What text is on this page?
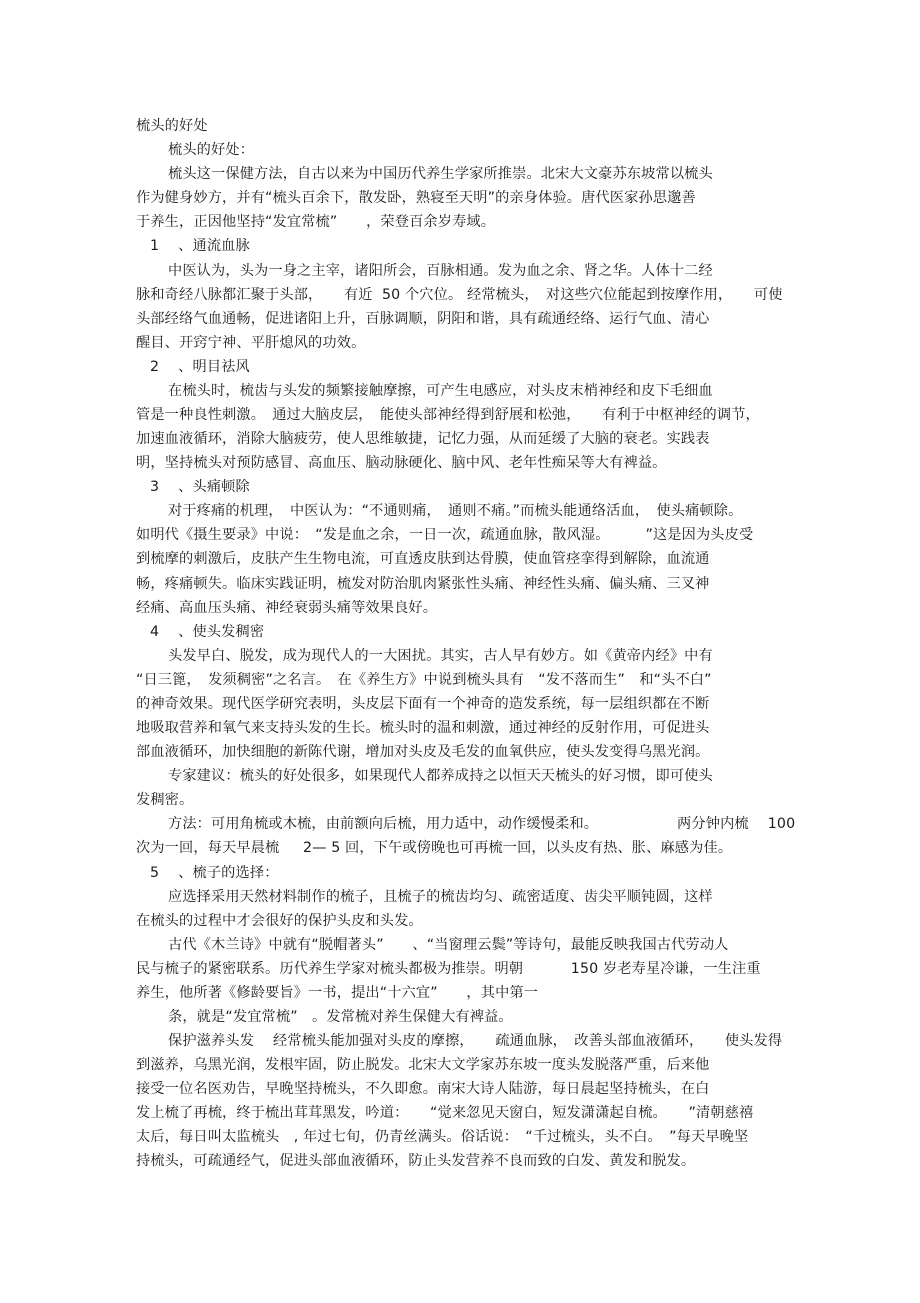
梳头的好处
梳头的好处：
梳头这一保健方法，自古以来为中国历代养生学家所推崇。北宋大文豪苏东坡常以梳头
作为健身妙方，并有“梳头百余下，散发卧，熟寝至天明”的亲身体验。唐代医家孙思邈善
于养生，正因他坚持“发宜常梳”　　，荣登百余岁寿域。
1　 、通流血脉
中医认为，头为一身之主宰，诸阳所会，百脉相通。发为血之余、肾之华。人体十二经
脉和奇经八脉都汇聚于头部，　　有近  50 个穴位。 经常梳头，　对这些穴位能起到按摩作用，　　可使
头部经络气血通畅，促进诸阳上升，百脉调顺，阴阳和谐，具有疏通经络、运行气血、清心
醒目、开窍宁神、平肝熄风的功效。
2　 、明目祛风
在梳头时，梳齿与头发的频繁接触摩擦，可产生电感应，对头皮末梢神经和皮下毛细血
管是一种良性刺激。　通过大脑皮层，　能使头部神经得到舒展和松弛，　　有利于中枢神经的调节，
加速血液循环，消除大脑疲劳，使人思维敏捷，记忆力强，从而延缓了大脑的衰老。实践表
明，坚持梳头对预防感冒、高血压、脑动脉硬化、脑中风、老年性痴呆等大有裨益。
3　 、头痛顿除
对于疼痛的机理，　中医认为：“不通则痛，　通则不痛。”而梳头能通络活血，　使头痛顿除。
如明代《摄生要录》中说：　“发是血之余，一日一次，疏通血脉，散风湿。　　　”这是因为头皮受
到梳摩的刺激后，皮肤产生生物电流，可直透皮肤到达骨膜，使血管痉挛得到解除，血流通
畅，疼痛顿失。临床实践证明，梳发对防治肌肉紧张性头痛、神经性头痛、偏头痛、三叉神
经痛、高血压头痛、神经衰弱头痛等效果良好。
4　 、使头发稠密
头发早白、脱发，成为现代人的一大困扰。其实，古人早有妙方。如《黄帝内经》中有
“日三篦，　发须稠密”之名言。　在《养生方》中说到梳头具有　“发不落而生”　和“头不白”
的神奇效果。现代医学研究表明，头皮层下面有一个神奇的造发系统，每一层组织都在不断
地吸取营养和氧气来支持头发的生长。梳头时的温和刺激，通过神经的反射作用，可促进头
部血液循环，加快细胞的新陈代谢，增加对头皮及毛发的血氧供应，使头发变得乌黑光润。
专家建议：梳头的好处很多，如果现代人都养成持之以恒天天梳头的好习惯，即可使头
发稠密。
方法：可用角梳或木梳，由前额向后梳，用力适中，动作缓慢柔和。　　　　　　两分钟内梳　 100
次为一回，每天早晨梳　  2— 5 回，下午或傍晚也可再梳一回，以头皮有热、胀、麻感为佳。
5　 、梳子的选择：
应选择采用天然材料制作的梳子，且梳子的梳齿均匀、疏密适度、齿尖平顺钝圆，这样
在梳头的过程中才会很好的保护头皮和头发。
古代《木兰诗》中就有“脱帽著头”　　、“当窗理云鬓”等诗句，最能反映我国古代劳动人
民与梳子的紧密联系。历代养生学家对梳头都极为推崇。明朝　　　 150 岁老寿星冷谦，一生注重
养生，他所著《修龄要旨》一书，提出“十六宜”　　，其中第一
条，就是“发宜常梳”　。发常梳对养生保健大有裨益。
保护滋养头发　 经常梳头能加强对头皮的摩擦，　　疏通血脉，　改善头部血液循环，　　使头发得
到滋养，乌黑光润，发根牢固，防止脱发。北宋大文学家苏东坡一度头发脱落严重，后来他
接受一位名医劝告，早晚坚持梳头，不久即愈。南宋大诗人陆游，每日晨起坚持梳头，在白
发上梳了再梳，终于梳出茸茸黑发，吟道：　　“觉来忽见天窗白，短发潇潇起自梳。　　”清朝慈禧
太后，每日叫太监梳头　, 年过七旬，仍青丝满头。俗话说：　“千过梳头，头不白。　”每天早晚坚
持梳头，可疏通经气，促进头部血液循环，防止头发营养不良而致的白发、黄发和脱发。
